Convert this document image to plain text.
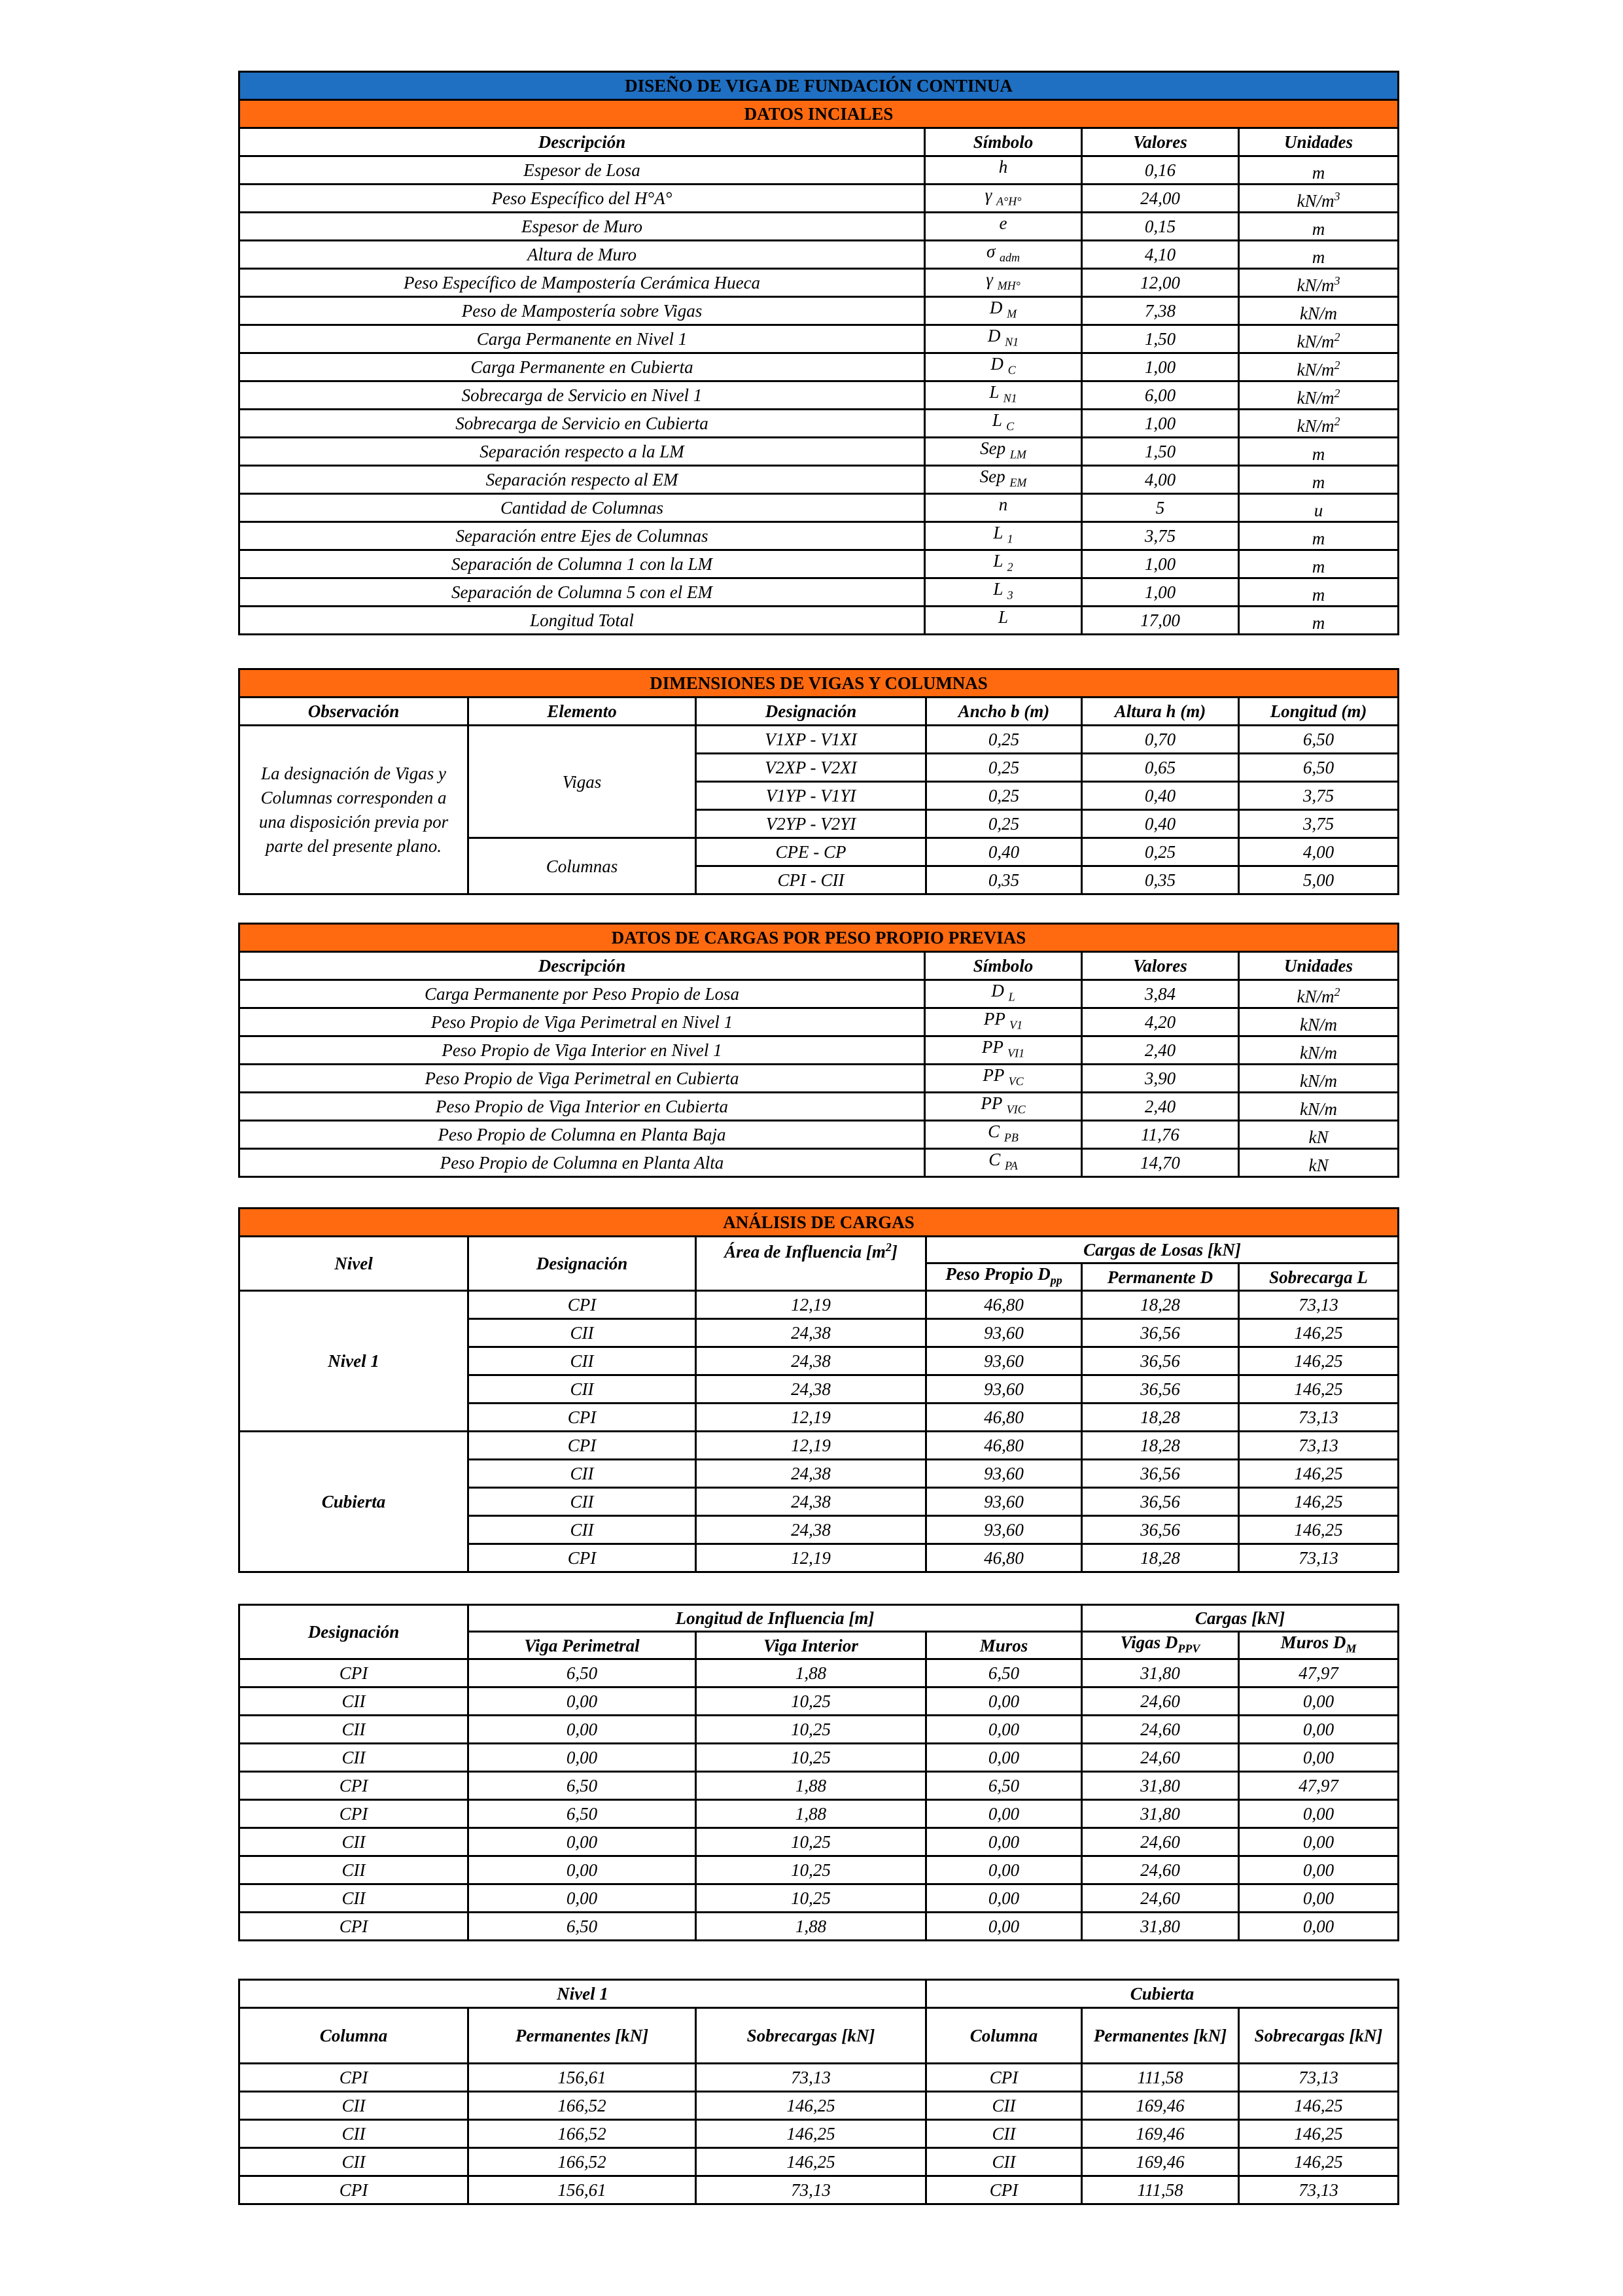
DISEÑO DE VIGA DE FUNDACIÓN CONTINUA			
DATOS INCIALES			
Descripción	Símbolo	Valores	Unidades
Espesor de Losa	h	0,16	m
Peso Específico del H°A°	γ $_{A^\circ H^\circ}$	24,00	$kN/m^3$
Espesor de Muro	e	0,15	m
Altura de Muro	σ $_{adm}$	4,10	m
Peso Específico de Mampostería Cerámica Hueca	γ $_{MH^\circ}$	12,00	$kN/m^3$
Peso de Mampostería sobre Vigas	D $_M$	7,38	kN/m
Carga Permanente en Nivel 1	D $_{N1}$	1,50	$kN/m^2$
Carga Permanente en Cubierta	D $_C$	1,00	$kN/m^2$
Sobrecarga de Servicio en Nivel 1	L $_{N1}$	6,00	$kN/m^2$
Sobrecarga de Servicio en Cubierta	L $_C$	1,00	$kN/m^2$
Separación respecto a la LM	Sep $_{LM}$	1,50	m
Separación respecto al EM	Sep $_{EM}$	4,00	m
Cantidad de Columnas	n	5	u
Separación entre Ejes de Columnas	L $_1$	3,75	m
Separación de Columna 1 con la LM	L $_2$	1,00	m
Separación de Columna 5 con el EM	L $_3$	1,00	m
Longitud Total	L	17,00	m
DIMENSIONES DE VIGAS Y COLUMNAS					
Observación	Elemento	Designación	Ancho b (m)	Altura h (m)	Longitud (m)
La designación de Vigas y Columnas corresponden a una disposición previa por parte del presente plano.	Vigas	V1XP - V1XI	0,25	0,70	6,50
		V2XP - V2XI	0,25	0,65	6,50
		V1YP - V1YI	0,25	0,40	3,75
		V2YP - V2YI	0,25	0,40	3,75
	Columnas	CPE - CP	0,40	0,25	4,00
		CPI - CII	0,35	0,35	5,00
DATOS DE CARGAS POR PESO PROPIO PREVIAS			
Descripción	Símbolo	Valores	Unidades
Carga Permanente por Peso Propio de Losa	D $_L$	3,84	$kN/m^2$
Peso Propio de Viga Perimetral en Nivel 1	PP $_{V1}$	4,20	kN/m
Peso Propio de Viga Interior en Nivel 1	PP $_{VI1}$	2,40	kN/m
Peso Propio de Viga Perimetral en Cubierta	PP $_{VC}$	3,90	kN/m
Peso Propio de Viga Interior en Cubierta	PP $_{VIC}$	2,40	kN/m
Peso Propio de Columna en Planta Baja	C $_{PB}$	11,76	kN
Peso Propio de Columna en Planta Alta	C $_{PA}$	14,70	kN
ANÁLISIS DE CARGAS					
Nivel	Designación	Área de Influencia $[m^2]$	Cargas de Losas [kN]		
			Peso Propio $D_{pp}$	Permanente D	Sobrecarga L
Nivel 1	CPI	12,19	46,80	18,28	73,13
	CII	24,38	93,60	36,56	146,25
	CII	24,38	93,60	36,56	146,25
	CII	24,38	93,60	36,56	146,25
	CPI	12,19	46,80	18,28	73,13
Cubierta	CPI	12,19	46,80	18,28	73,13
	CII	24,38	93,60	36,56	146,25
	CII	24,38	93,60	36,56	146,25
	CII	24,38	93,60	36,56	146,25
	CPI	12,19	46,80	18,28	73,13
Designación	Longitud de Influencia [m]			Cargas [kN]	
	Viga Perimetral	Viga Interior	Muros	Vigas $D_{PPV}$	Muros $D_M$
CPI	6,50	1,88	6,50	31,80	47,97
CII	0,00	10,25	0,00	24,60	0,00
CII	0,00	10,25	0,00	24,60	0,00
CII	0,00	10,25	0,00	24,60	0,00
CPI	6,50	1,88	6,50	31,80	47,97
CPI	6,50	1,88	0,00	31,80	0,00
CII	0,00	10,25	0,00	24,60	0,00
CII	0,00	10,25	0,00	24,60	0,00
CII	0,00	10,25	0,00	24,60	0,00
CPI	6,50	1,88	0,00	31,80	0,00
Nivel 1			Cubierta		
Columna	Permanentes [kN]	Sobrecargas [kN]	Columna	Permanentes [kN]	Sobrecargas [kN]
CPI	156,61	73,13	CPI	111,58	73,13
CII	166,52	146,25	CII	169,46	146,25
CII	166,52	146,25	CII	169,46	146,25
CII	166,52	146,25	CII	169,46	146,25
CPI	156,61	73,13	CPI	111,58	73,13
